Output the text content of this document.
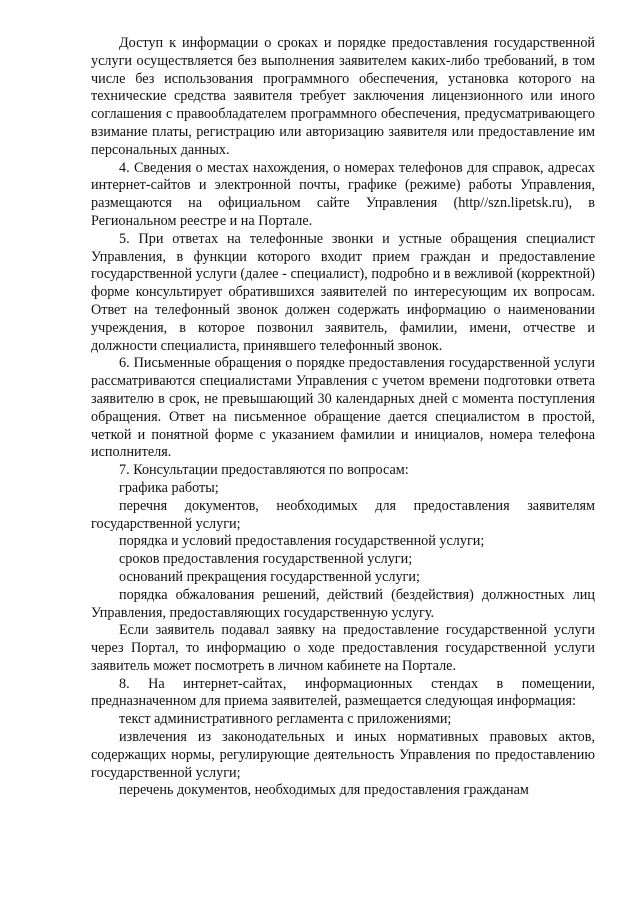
Доступ к информации о сроках и порядке предоставления государственной услуги осуществляется без выполнения заявителем каких-либо требований, в том числе без использования программного обеспечения, установка которого на технические средства заявителя требует заключения лицензионного или иного соглашения с правообладателем программного обеспечения, предусматривающего взимание платы, регистрацию или авторизацию заявителя или предоставление им персональных данных.

4. Сведения о местах нахождения, о номерах телефонов для справок, адресах интернет-сайтов и электронной почты, графике (режиме) работы Управления, размещаются на официальном сайте Управления (http//szn.lipetsk.ru), в Региональном реестре и на Портале.

5. При ответах на телефонные звонки и устные обращения специалист Управления, в функции которого входит прием граждан и предоставление государственной услуги (далее - специалист), подробно и в вежливой (корректной) форме консультирует обратившихся заявителей по интересующим их вопросам. Ответ на телефонный звонок должен содержать информацию о наименовании учреждения, в которое позвонил заявитель, фамилии, имени, отчестве и должности специалиста, принявшего телефонный звонок.

6. Письменные обращения о порядке предоставления государственной услуги рассматриваются специалистами Управления с учетом времени подготовки ответа заявителю в срок, не превышающий 30 календарных дней с момента поступления обращения. Ответ на письменное обращение дается специалистом в простой, четкой и понятной форме с указанием фамилии и инициалов, номера телефона исполнителя.

7. Консультации предоставляются по вопросам:

графика работы;

перечня документов, необходимых для предоставления заявителям государственной услуги;

порядка и условий предоставления государственной услуги;

сроков предоставления государственной услуги;

оснований прекращения государственной услуги;

порядка обжалования решений, действий (бездействия) должностных лиц Управления, предоставляющих государственную услугу.

Если заявитель подавал заявку на предоставление государственной услуги через Портал, то информацию о ходе предоставления государственной услуги заявитель может посмотреть в личном кабинете на Портале.

8. На интернет-сайтах, информационных стендах в помещении, предназначенном для приема заявителей, размещается следующая информация:

текст административного регламента с приложениями;

извлечения из законодательных и иных нормативных правовых актов, содержащих нормы, регулирующие деятельность Управления по предоставлению государственной услуги;

перечень документов, необходимых для предоставления гражданам
